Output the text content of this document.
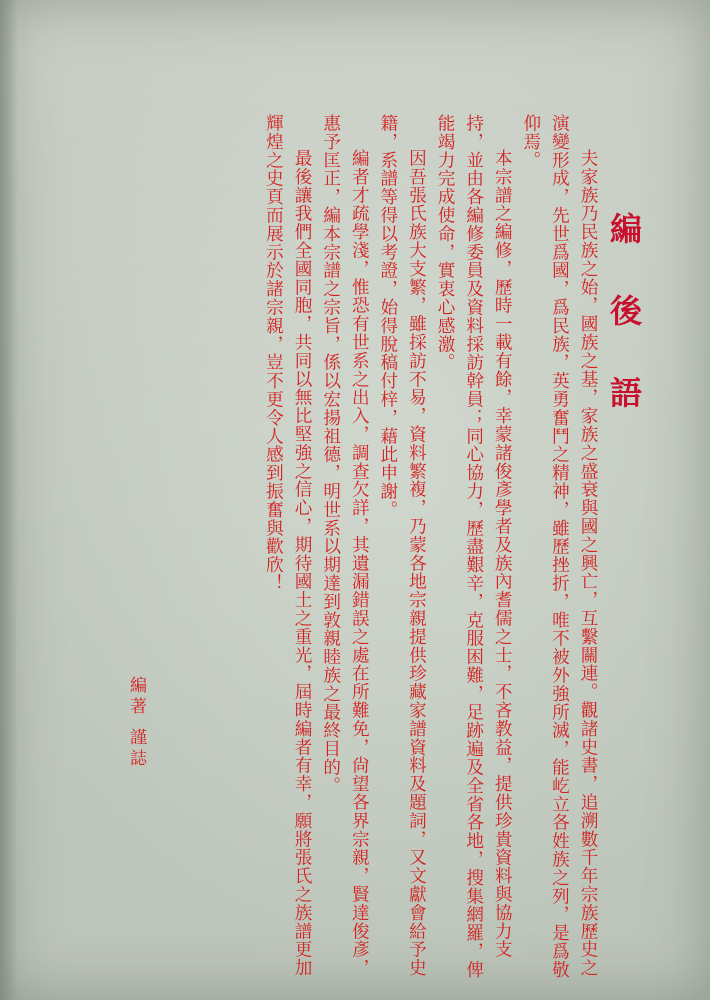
編後語

夫家族乃民族之始，國族之基，家族之盛衰與國之興亡，互繫關連。觀諸史書，追溯數千年宗族歷史之演變形成，先世爲國，爲民族，英勇奮鬥之精神，雖歷挫折，唯不被外強所滅，能屹立各姓族之列，是爲敬仰焉。

本宗譜之編修，歷時一載有餘，幸蒙諸俊彥學者及族內耆儒之士，不吝教益，提供珍貴資料與協力支持，並由各編修委員及資料採訪幹員；同心協力，歷盡艱辛，克服困難，足跡遍及全省各地，搜集網羅，俾能竭力完成使命，實衷心感激。

因吾張氏族大支繁，雖採訪不易，資料繁複，乃蒙各地宗親提供珍藏家譜資料及題詞，又文獻會給予史籍，系譜等得以考證，始得脫稿付梓，藉此申謝。

編者才疏學淺，惟恐有世系之出入，調查欠詳，其遺漏錯誤之處在所難免，尙望各界宗親，賢達俊彥，惠予匡正，編本宗譜之宗旨，係以宏揚祖德，明世系以期達到敦親睦族之最終目的。

最後讓我們全國同胞，共同以無比堅強之信心，期待國土之重光，屆時編者有幸，願將張氏之族譜更加輝煌之史頁而展示於諸宗親，豈不更令人感到振奮與歡欣！

編著謹誌
